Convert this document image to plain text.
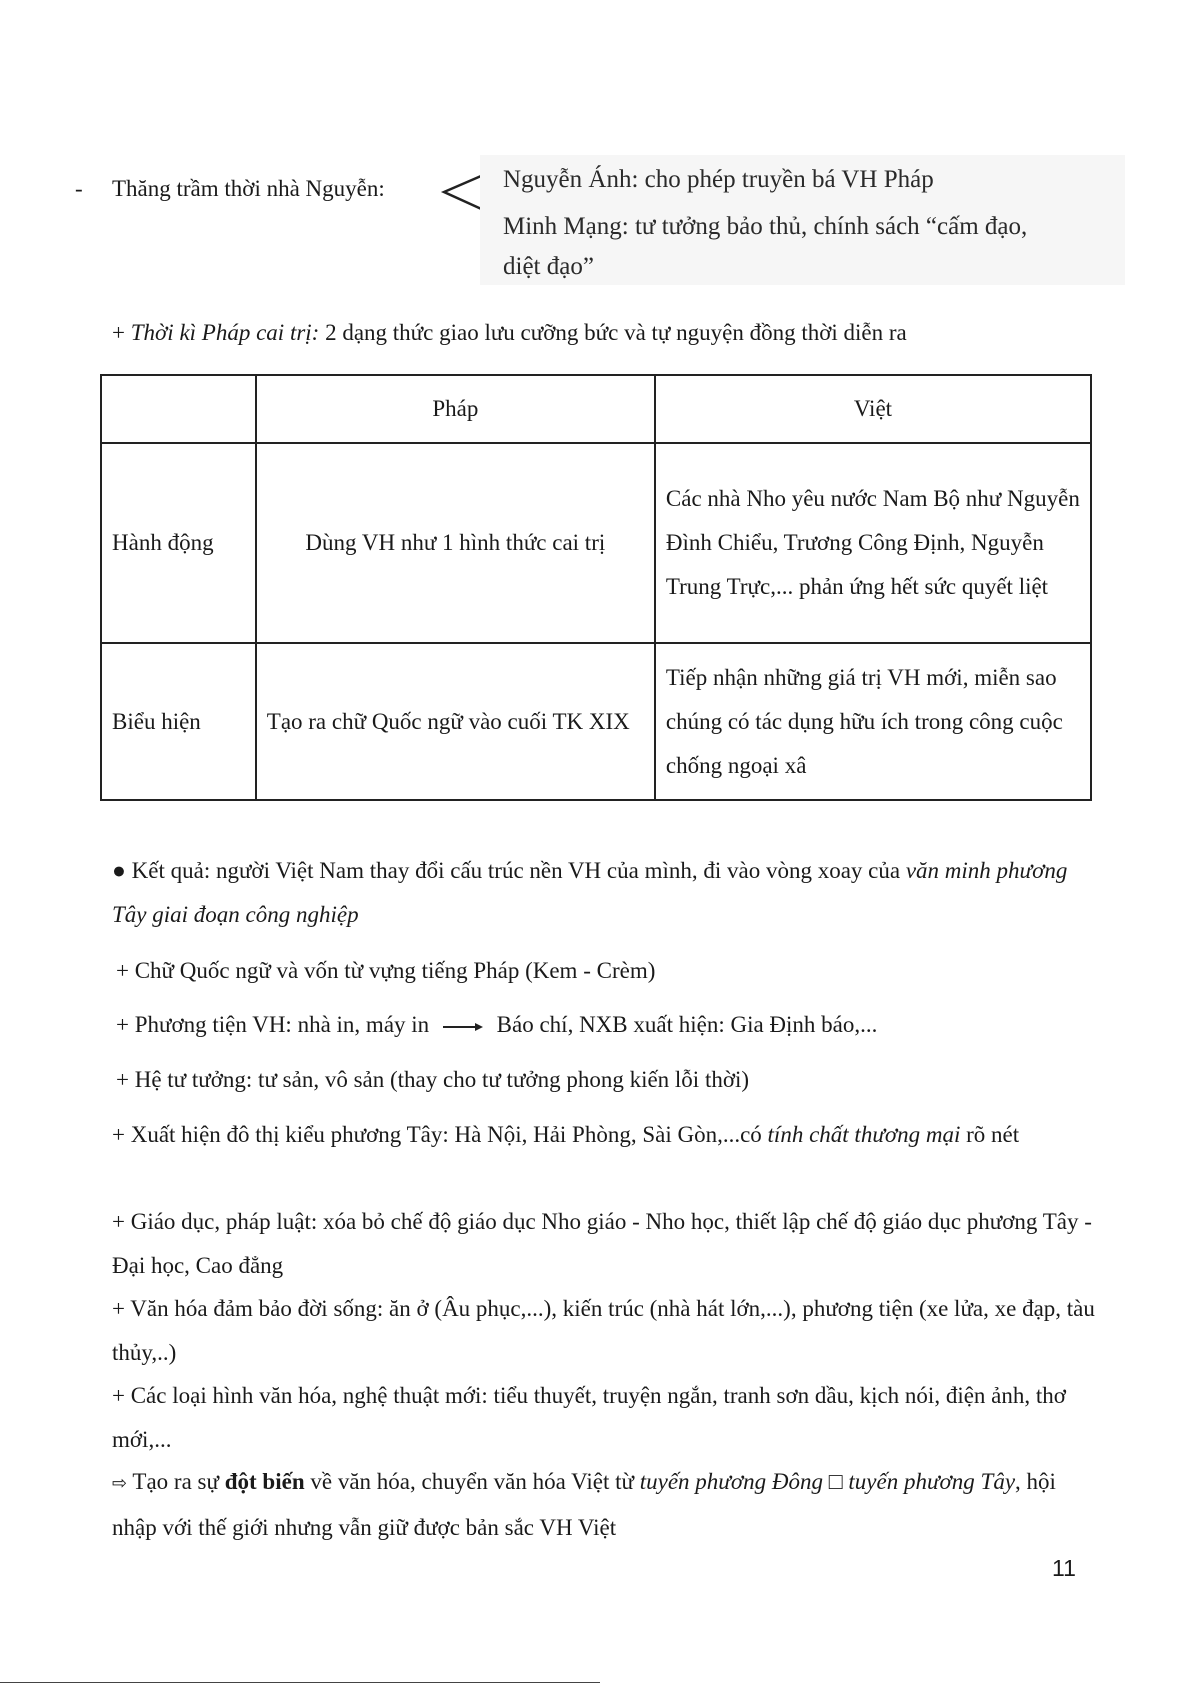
- Thăng trầm thời nhà Nguyễn:	Nguyễn Ánh: cho phép truyền bá VH Pháp
Minh Mạng: tư tưởng bảo thủ, chính sách “cấm đạo,
diệt đạo”
+ Thời kì Pháp cai trị: 2 dạng thức giao lưu cưỡng bức và tự nguyện đồng thời diễn ra
	Pháp	Việt
Hành động	Dùng VH như 1 hình thức cai trị	Các nhà Nho yêu nước Nam Bộ như Nguyễn Đình Chiểu, Trương Công Định, Nguyễn Trung Trực,... phản ứng hết sức quyết liệt
Biểu hiện	Tạo ra chữ Quốc ngữ vào cuối TK XIX	Tiếp nhận những giá trị VH mới, miễn sao chúng có tác dụng hữu ích trong công cuộc chống ngoại xâ
● Kết quả: người Việt Nam thay đổi cấu trúc nền VH của mình, đi vào vòng xoay của văn minh phương Tây giai đoạn công nghiệp
+ Chữ Quốc ngữ và vốn từ vựng tiếng Pháp (Kem - Crèm)
+ Phương tiện VH: nhà in, máy in	Báo chí, NXB xuất hiện: Gia Định báo,...
+ Hệ tư tưởng: tư sản, vô sản (thay cho tư tưởng phong kiến lỗi thời)
+ Xuất hiện đô thị kiểu phương Tây: Hà Nội, Hải Phòng, Sài Gòn,...có tính chất thương mại rõ nét
+ Giáo dục, pháp luật: xóa bỏ chế độ giáo dục Nho giáo - Nho học, thiết lập chế độ giáo dục phương Tây - Đại học, Cao đẳng
+ Văn hóa đảm bảo đời sống: ăn ở (Âu phục,...), kiến trúc (nhà hát lớn,...), phương tiện (xe lửa, xe đạp, tàu thủy,..)
+ Các loại hình văn hóa, nghệ thuật mới: tiểu thuyết, truyện ngắn, tranh sơn dầu, kịch nói, điện ảnh, thơ mới,...
⇨ Tạo ra sự đột biến về văn hóa, chuyển văn hóa Việt từ tuyến phương Đông □ tuyến phương Tây, hội nhập với thế giới nhưng vẫn giữ được bản sắc VH Việt
11
